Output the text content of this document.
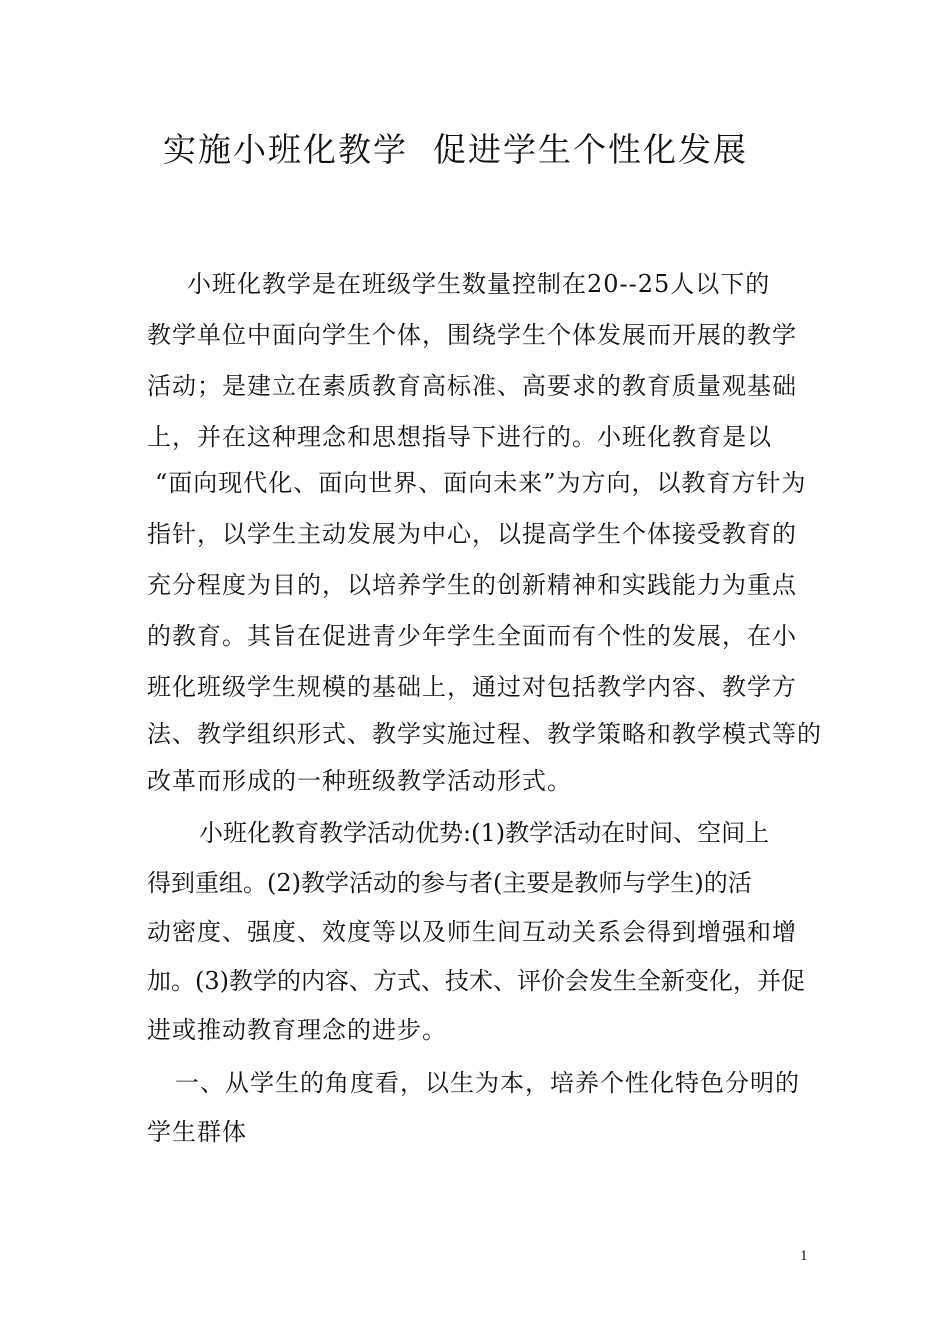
实施小班化教学  促进学生个性化发展
小班化教学是在班级学生数量控制在20--25人以下的
教学单位中面向学生个体，围绕学生个体发展而开展的教学
活动；是建立在素质教育高标准、高要求的教育质量观基础
上，并在这种理念和思想指导下进行的。小班化教育是以
“面向现代化、面向世界、面向未来”为方向，以教育方针为
指针，以学生主动发展为中心，以提高学生个体接受教育的
充分程度为目的，以培养学生的创新精神和实践能力为重点
的教育。其旨在促进青少年学生全面而有个性的发展，在小
班化班级学生规模的基础上，通过对包括教学内容、教学方
法、教学组织形式、教学实施过程、教学策略和教学模式等的
改革而形成的一种班级教学活动形式。
小班化教育教学活动优势:(1)教学活动在时间、空间上
得到重组。(2)教学活动的参与者(主要是教师与学生)的活
动密度、强度、效度等以及师生间互动关系会得到增强和增
加。(3)教学的内容、方式、技术、评价会发生全新变化，并促
进或推动教育理念的进步。
一、从学生的角度看，以生为本，培养个性化特色分明的
学生群体
1
